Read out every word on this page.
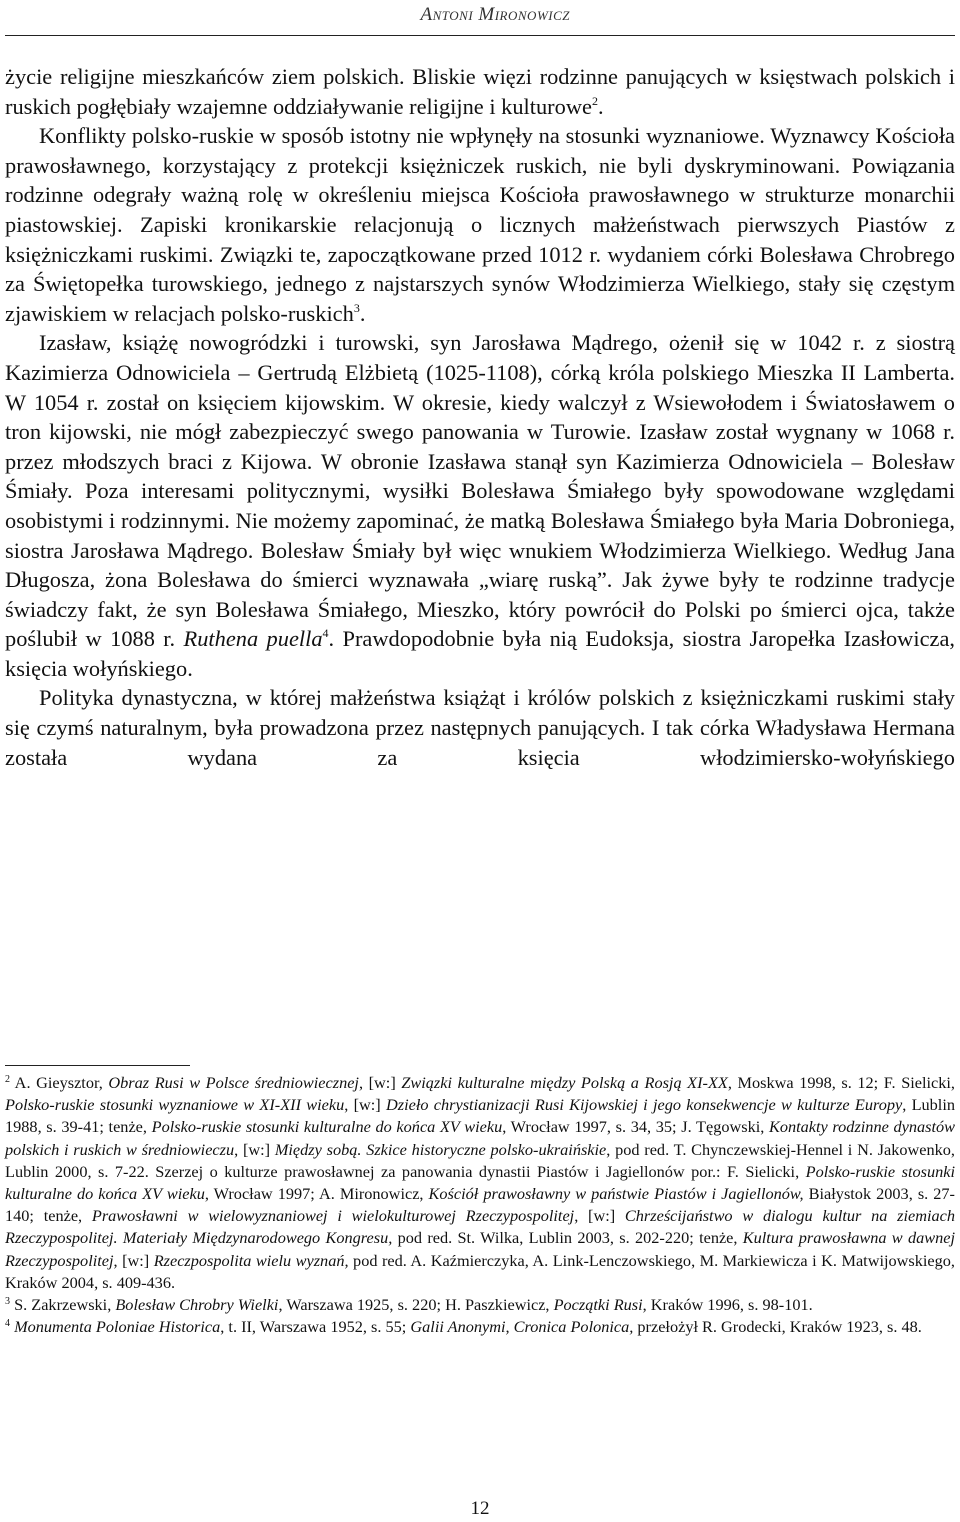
Antoni Mironowicz

życie religijne mieszkańców ziem polskich. Bliskie więzi rodzinne panujących w księstwach polskich i ruskich pogłębiały wzajemne oddziaływanie religijne i kulturowe$^2$.

Konflikty polsko-ruskie w sposób istotny nie wpłynęły na stosunki wyznaniowe. Wyznawcy Kościoła prawosławnego, korzystający z protekcji księżniczek ruskich, nie byli dyskryminowani. Powiązania rodzinne odegrały ważną rolę w określeniu miejsca Kościoła prawosławnego w strukturze monarchii piastowskiej. Zapiski kronikarskie relacjonują o licznych małżeństwach pierwszych Piastów z księżniczkami ruskimi. Związki te, zapoczątkowane przed 1012 r. wydaniem córki Bolesława Chrobrego za Świętopełka turowskiego, jednego z najstarszych synów Włodzimierza Wielkiego, stały się częstym zjawiskiem w relacjach polsko-ruskich$^3$.

Izasław, książę nowogródzki i turowski, syn Jarosława Mądrego, ożenił się w 1042 r. z siostrą Kazimierza Odnowiciela – Gertrudą Elżbietą (1025-1108), córką króla polskiego Mieszka II Lamberta. W 1054 r. został on księciem kijowskim. W okresie, kiedy walczył z Wsiewołodem i Światosławem o tron kijowski, nie mógł zabezpieczyć swego panowania w Turowie. Izasław został wygnany w 1068 r. przez młodszych braci z Kijowa. W obronie Izasława stanął syn Kazimierza Odnowiciela – Bolesław Śmiały. Poza interesami politycznymi, wysiłki Bolesława Śmiałego były spowodowane względami osobistymi i rodzinnymi. Nie możemy zapominać, że matką Bolesława Śmiałego była Maria Dobroniega, siostra Jarosława Mądrego. Bolesław Śmiały był więc wnukiem Włodzimierza Wielkiego. Według Jana Długosza, żona Bolesława do śmierci wyznawała „wiarę ruską”. Jak żywe były te rodzinne tradycje świadczy fakt, że syn Bolesława Śmiałego, Mieszko, który powrócił do Polski po śmierci ojca, także poślubił w 1088 r. Ruthena puella$^4$. Prawdopodobnie była nią Eudoksja, siostra Jaropełka Izasłowicza, księcia wołyńskiego.

Polityka dynastyczna, w której małżeństwa książąt i królów polskich z księżniczkami ruskimi stały się czymś naturalnym, była prowadzona przez następnych panujących. I tak córka Władysława Hermana została wydana za księcia włodzimiersko-wołyńskiego

$^2$ A. Gieysztor, Obraz Rusi w Polsce średniowiecznej, [w:] Związki kulturalne między Polską a Rosją XI-XX, Moskwa 1998, s. 12; F. Sielicki, Polsko-ruskie stosunki wyznaniowe w XI-XII wieku, [w:] Dzieło chrystianizacji Rusi Kijowskiej i jego konsekwencje w kulturze Europy, Lublin 1988, s. 39-41; tenże, Polsko-ruskie stosunki kulturalne do końca XV wieku, Wrocław 1997, s. 34, 35; J. Tęgowski, Kontakty rodzinne dynastów polskich i ruskich w średniowieczu, [w:] Między sobą. Szkice historyczne polsko-ukraińskie, pod red. T. Chynczewskiej-Hennel i N. Jakowenko, Lublin 2000, s. 7-22. Szerzej o kulturze prawosławnej za panowania dynastii Piastów i Jagiellonów por.: F. Sielicki, Polsko-ruskie stosunki kulturalne do końca XV wieku, Wrocław 1997; A. Mironowicz, Kościół prawosławny w państwie Piastów i Jagiellonów, Białystok 2003, s. 27-140; tenże, Prawosławni w wielowyznaniowej i wielokulturowej Rzeczypospolitej, [w:] Chrześcijaństwo w dialogu kultur na ziemiach Rzeczypospolitej. Materiały Międzynarodowego Kongresu, pod red. St. Wilka, Lublin 2003, s. 202-220; tenże, Kultura prawosławna w dawnej Rzeczypospolitej, [w:] Rzeczpospolita wielu wyznań, pod red. A. Kaźmierczyka, A. Link-Lenczowskiego, M. Markiewicza i K. Matwijowskiego, Kraków 2004, s. 409-436.

$^3$ S. Zakrzewski, Bolesław Chrobry Wielki, Warszawa 1925, s. 220; H. Paszkiewicz, Początki Rusi, Kraków 1996, s. 98-101.

$^4$ Monumenta Poloniae Historica, t. II, Warszawa 1952, s. 55; Galii Anonymi, Cronica Polonica, przełożył R. Grodecki, Kraków 1923, s. 48.

12
